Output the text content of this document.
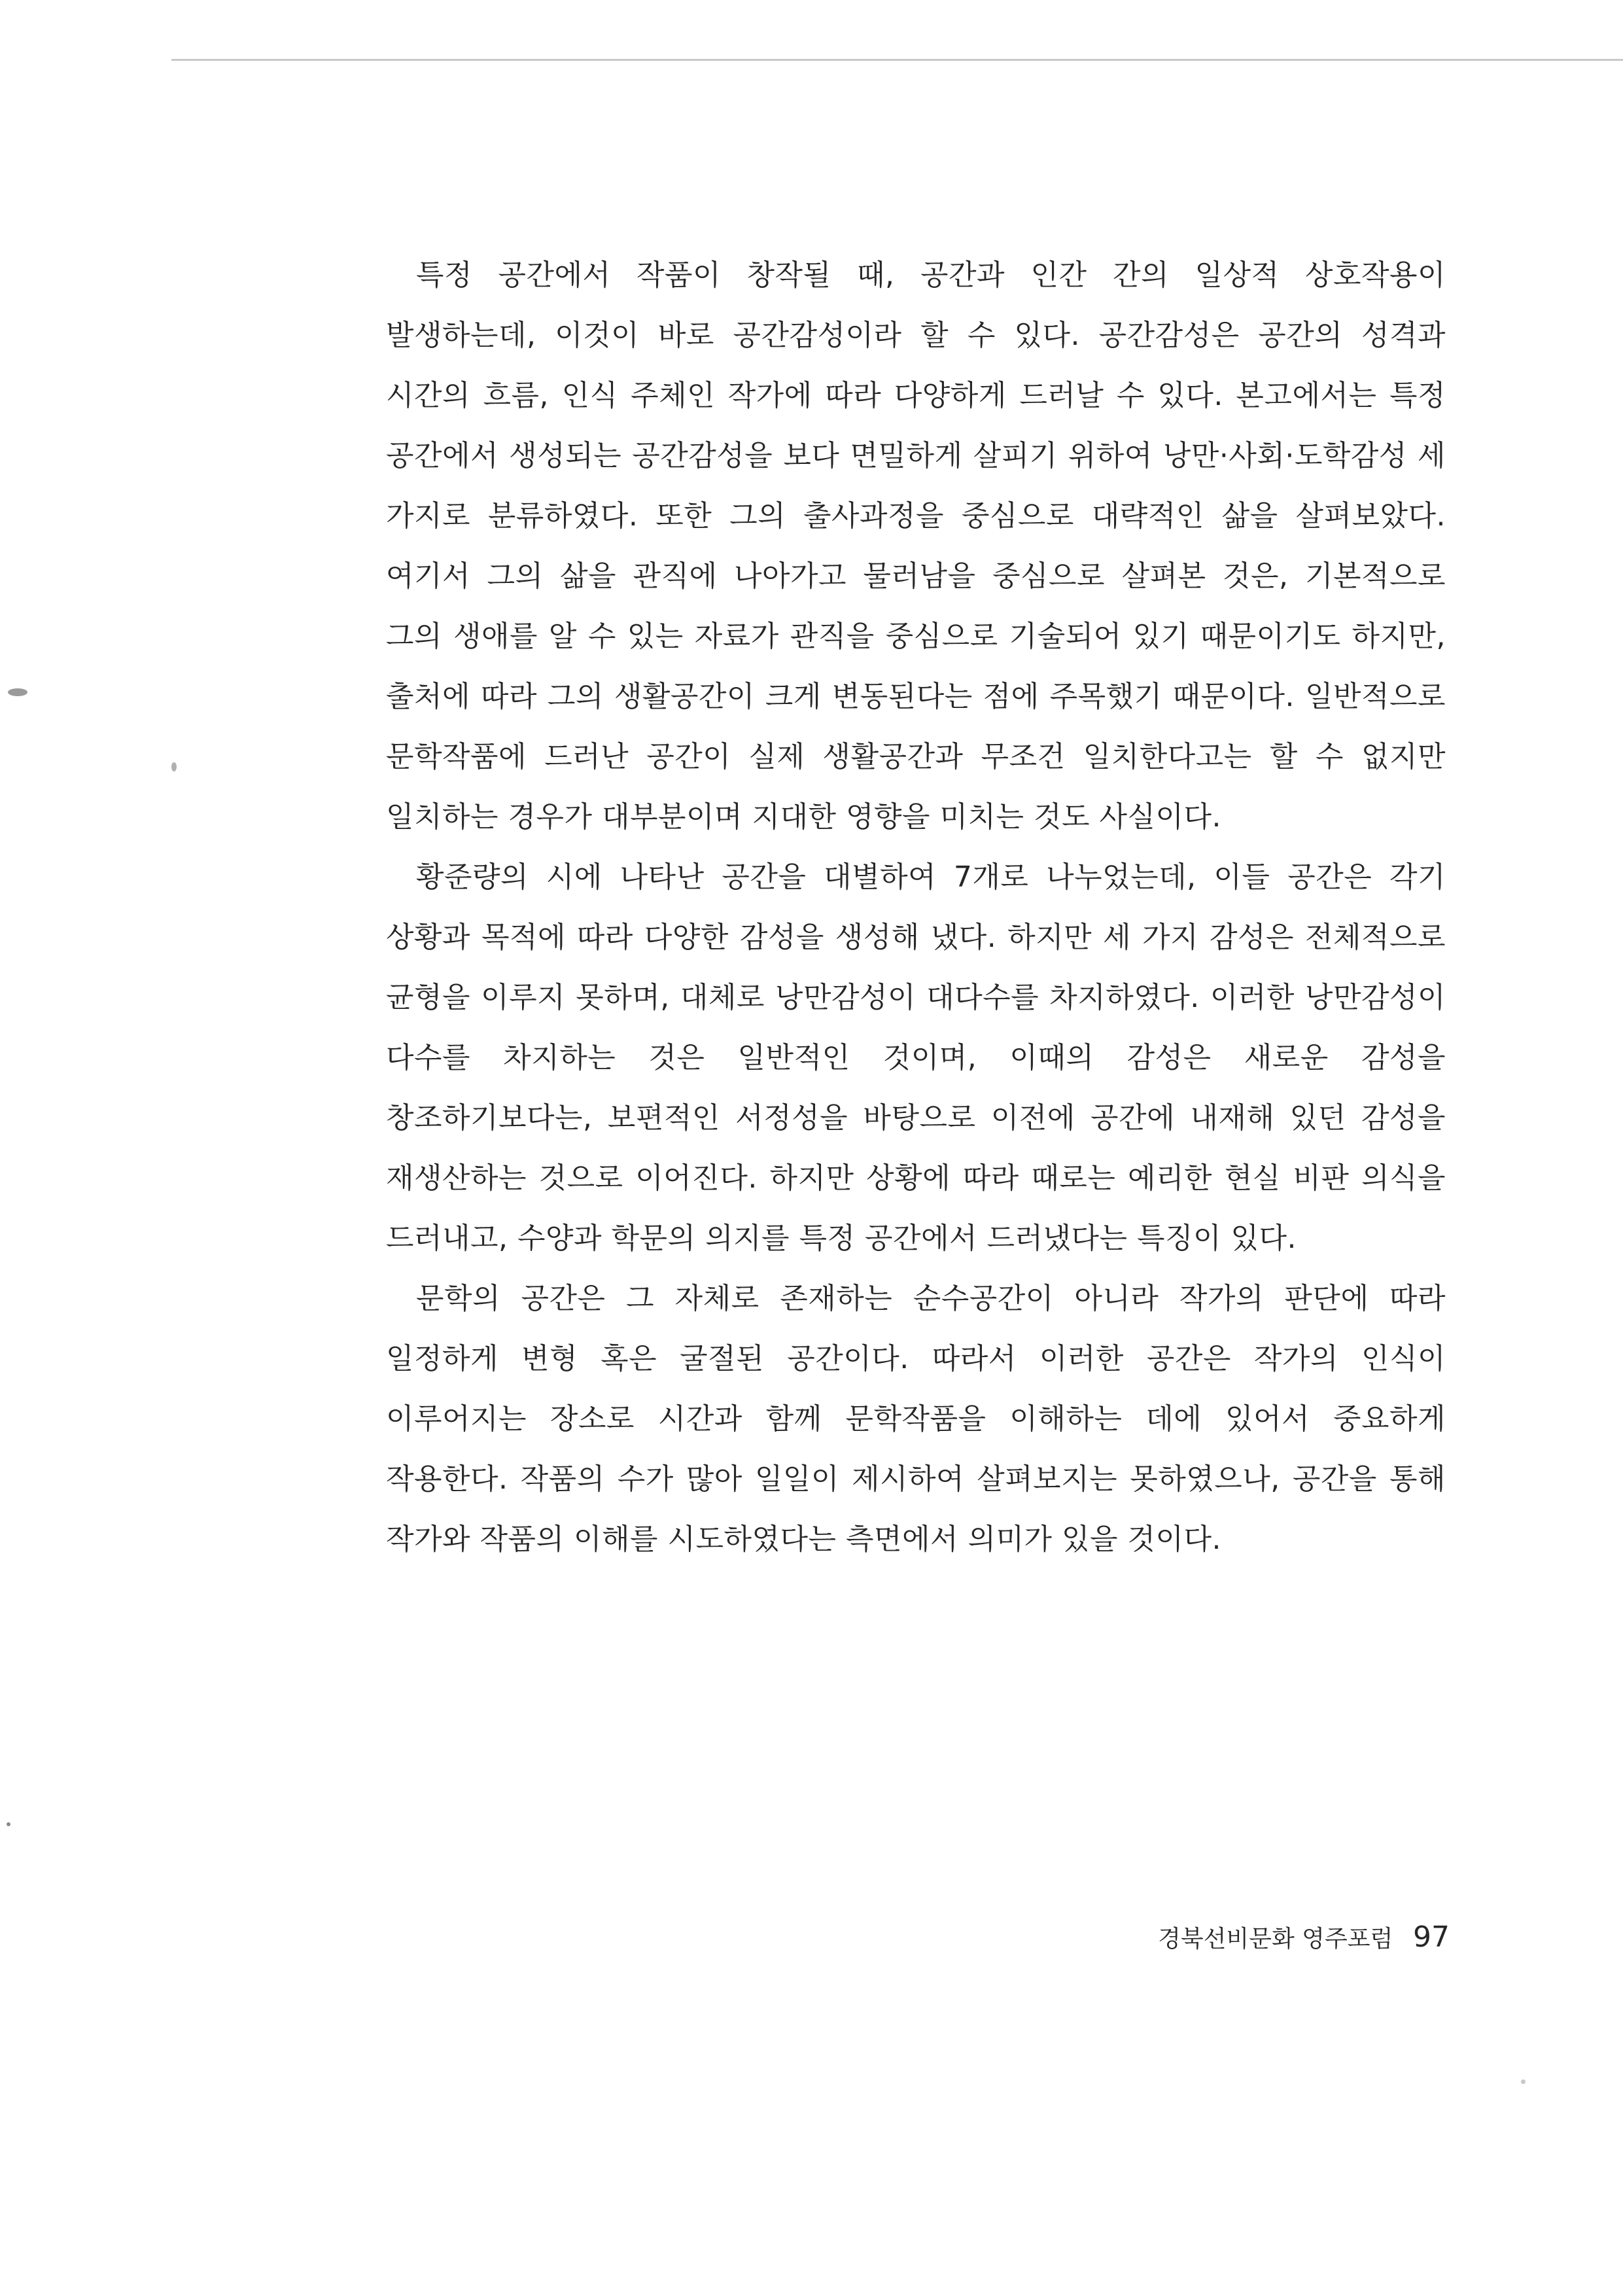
특정 공간에서 작품이 창작될 때, 공간과 인간 간의 일상적 상호작용이 발생하는데, 이것이 바로 공간감성이라 할 수 있다. 공간감성은 공간의 성격과 시간의 흐름, 인식 주체인 작가에 따라 다양하게 드러날 수 있다. 본고에서는 특정 공간에서 생성되는 공간감성을 보다 면밀하게 살피기 위하여 낭만·사회·도학감성 세 가지로 분류하였다. 또한 그의 출사과정을 중심으로 대략적인 삶을 살펴보았다. 여기서 그의 삶을 관직에 나아가고 물러남을 중심으로 살펴본 것은, 기본적으로 그의 생애를 알 수 있는 자료가 관직을 중심으로 기술되어 있기 때문이기도 하지만, 출처에 따라 그의 생활공간이 크게 변동된다는 점에 주목했기 때문이다. 일반적으로 문학작품에 드러난 공간이 실제 생활공간과 무조건 일치한다고는 할 수 없지만 일치하는 경우가 대부분이며 지대한 영향을 미치는 것도 사실이다.

황준량의 시에 나타난 공간을 대별하여 7개로 나누었는데, 이들 공간은 각기 상황과 목적에 따라 다양한 감성을 생성해 냈다. 하지만 세 가지 감성은 전체적으로 균형을 이루지 못하며, 대체로 낭만감성이 대다수를 차지하였다. 이러한 낭만감성이 다수를 차지하는 것은 일반적인 것이며, 이때의 감성은 새로운 감성을 창조하기보다는, 보편적인 서정성을 바탕으로 이전에 공간에 내재해 있던 감성을 재생산하는 것으로 이어진다. 하지만 상황에 따라 때로는 예리한 현실 비판 의식을 드러내고, 수양과 학문의 의지를 특정 공간에서 드러냈다는 특징이 있다.

문학의 공간은 그 자체로 존재하는 순수공간이 아니라 작가의 판단에 따라 일정하게 변형 혹은 굴절된 공간이다. 따라서 이러한 공간은 작가의 인식이 이루어지는 장소로 시간과 함께 문학작품을 이해하는 데에 있어서 중요하게 작용한다. 작품의 수가 많아 일일이 제시하여 살펴보지는 못하였으나, 공간을 통해 작가와 작품의 이해를 시도하였다는 측면에서 의미가 있을 것이다.

경북선비문화 영주포럼 97
